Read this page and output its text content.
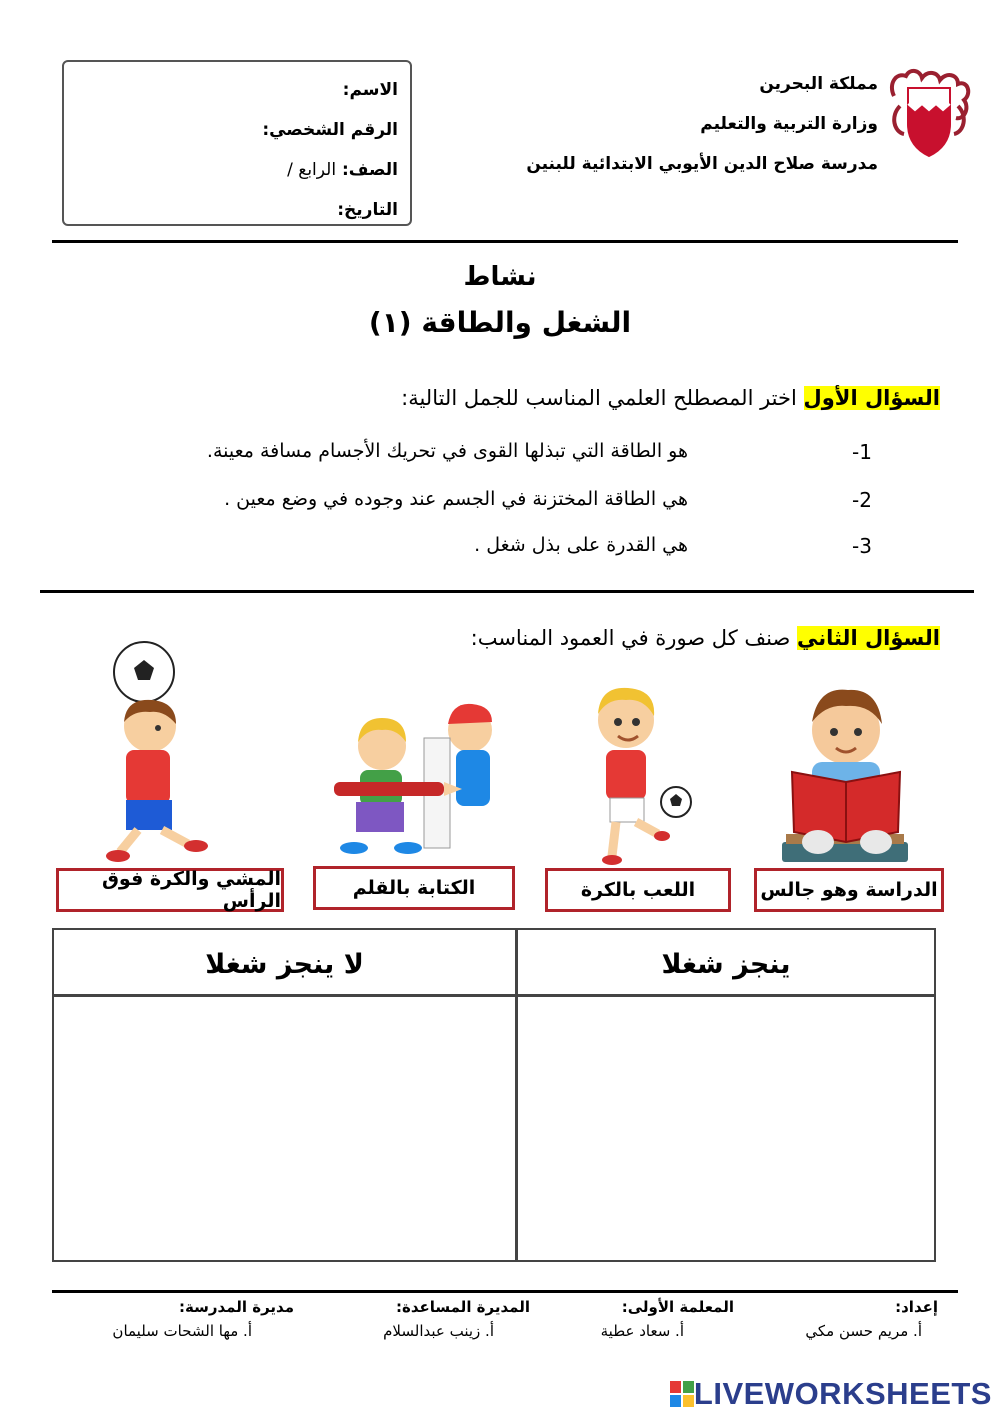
مملكة البحرين
وزارة التربية والتعليم
مدرسة صلاح الدين الأيوبي الابتدائية للبنين
الاسم:
الرقم الشخصي:
الصف: الرابع /
التاريخ:
نشاط
الشغل والطاقة (١)
السؤال الأول اختر المصطلح العلمي المناسب للجمل التالية:
-1
هو الطاقة التي تبذلها القوى في تحريك الأجسام مسافة معينة.
-2
هي الطاقة المختزنة في الجسم عند وجوده في وضع معين .
-3
هي القدرة على بذل شغل .
السؤال الثاني صنف كل صورة في العمود المناسب:
الدراسة وهو جالس
اللعب بالكرة
الكتابة بالقلم
المشي والكرة فوق الرأس
ينجز شغلا
لا ينجز شغلا
إعداد:
أ. مريم حسن مكي
المعلمة الأولى:
أ. سعاد عطية
المديرة المساعدة:
أ. زينب عبدالسلام
مديرة المدرسة:
أ. مها الشحات سليمان
LIVEWORKSHEETS
